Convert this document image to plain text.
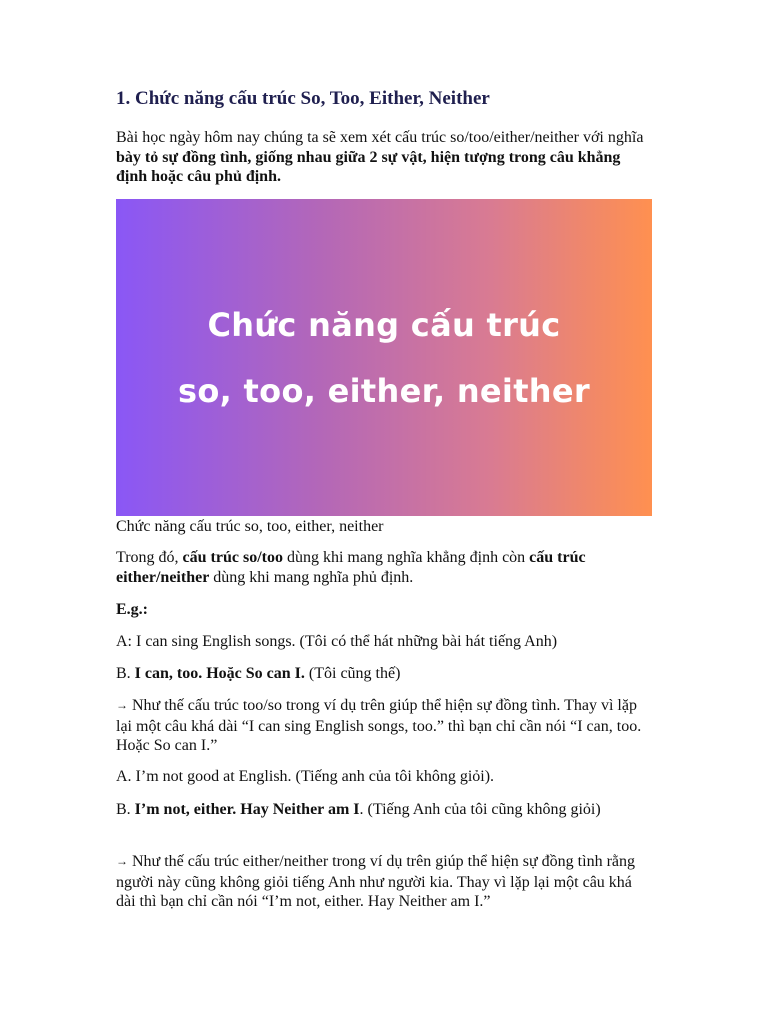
1. Chức năng cấu trúc So, Too, Either, Neither

Bài học ngày hôm nay chúng ta sẽ xem xét cấu trúc so/too/either/neither với nghĩa bày tỏ sự đồng tình, giống nhau giữa 2 sự vật, hiện tượng trong câu khẳng định hoặc câu phủ định.

Chức năng cấu trúc
so, too, either, neither

Chức năng cấu trúc so, too, either, neither

Trong đó, cấu trúc so/too dùng khi mang nghĩa khẳng định còn cấu trúc either/neither dùng khi mang nghĩa phủ định.

E.g.:

A: I can sing English songs. (Tôi có thể hát những bài hát tiếng Anh)

B. I can, too. Hoặc So can I. (Tôi cũng thế)

→ Như thế cấu trúc too/so trong ví dụ trên giúp thể hiện sự đồng tình. Thay vì lặp lại một câu khá dài “I can sing English songs, too.” thì bạn chỉ cần nói “I can, too. Hoặc So can I.”

A. I’m not good at English. (Tiếng anh của tôi không giỏi).

B. I’m not, either. Hay Neither am I. (Tiếng Anh của tôi cũng không giỏi)

→ Như thế cấu trúc either/neither trong ví dụ trên giúp thể hiện sự đồng tình rằng người này cũng không giỏi tiếng Anh như người kia. Thay vì lặp lại một câu khá dài thì bạn chỉ cần nói “I’m not, either. Hay Neither am I.”
